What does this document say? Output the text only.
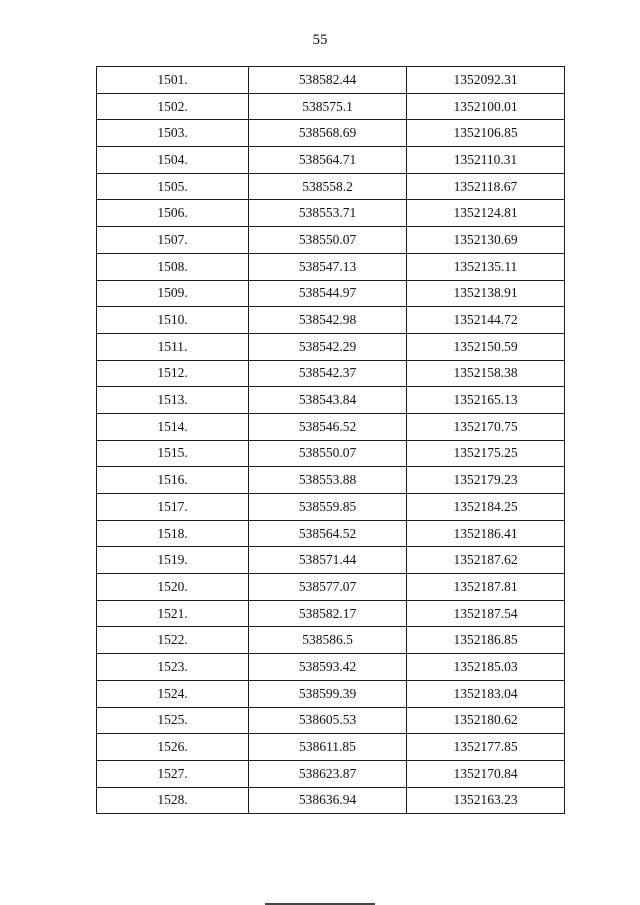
55
1501.	538582.44	1352092.31
1502.	538575.1	1352100.01
1503.	538568.69	1352106.85
1504.	538564.71	1352110.31
1505.	538558.2	1352118.67
1506.	538553.71	1352124.81
1507.	538550.07	1352130.69
1508.	538547.13	1352135.11
1509.	538544.97	1352138.91
1510.	538542.98	1352144.72
1511.	538542.29	1352150.59
1512.	538542.37	1352158.38
1513.	538543.84	1352165.13
1514.	538546.52	1352170.75
1515.	538550.07	1352175.25
1516.	538553.88	1352179.23
1517.	538559.85	1352184.25
1518.	538564.52	1352186.41
1519.	538571.44	1352187.62
1520.	538577.07	1352187.81
1521.	538582.17	1352187.54
1522.	538586.5	1352186.85
1523.	538593.42	1352185.03
1524.	538599.39	1352183.04
1525.	538605.53	1352180.62
1526.	538611.85	1352177.85
1527.	538623.87	1352170.84
1528.	538636.94	1352163.23
